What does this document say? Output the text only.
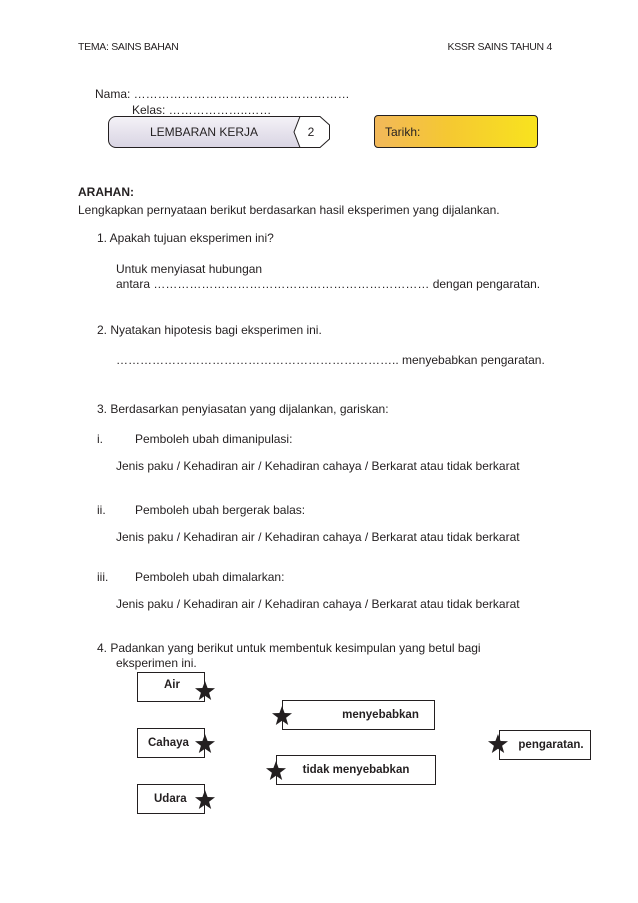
TEMA: SAINS BAHAN	KSSR SAINS TAHUN 4
Nama: ………………………………………………
Kelas: ………………..……
LEMBARAN KERJA	2	Tarikh:
ARAHAN:
Lengkapkan pernyataan berikut berdasarkan hasil eksperimen yang dijalankan.
1. Apakah tujuan eksperimen ini?
Untuk menyiasat hubungan
antara …………………………………………………………… dengan pengaratan.
2. Nyatakan hipotesis bagi eksperimen ini.
…………………………………………………………….. menyebabkan pengaratan.
3. Berdasarkan penyiasatan yang dijalankan, gariskan:
i.	Pemboleh ubah dimanipulasi:
Jenis paku / Kehadiran air / Kehadiran cahaya / Berkarat atau tidak berkarat
ii. Pemboleh ubah bergerak balas:
Jenis paku / Kehadiran air / Kehadiran cahaya / Berkarat atau tidak berkarat
iii. Pemboleh ubah dimalarkan:
Jenis paku / Kehadiran air / Kehadiran cahaya / Berkarat atau tidak berkarat
4. Padankan yang berikut untuk membentuk kesimpulan yang betul bagi
eksperimen ini.
Air
Cahaya
Udara
menyebabkan
tidak menyebabkan
pengaratan.
